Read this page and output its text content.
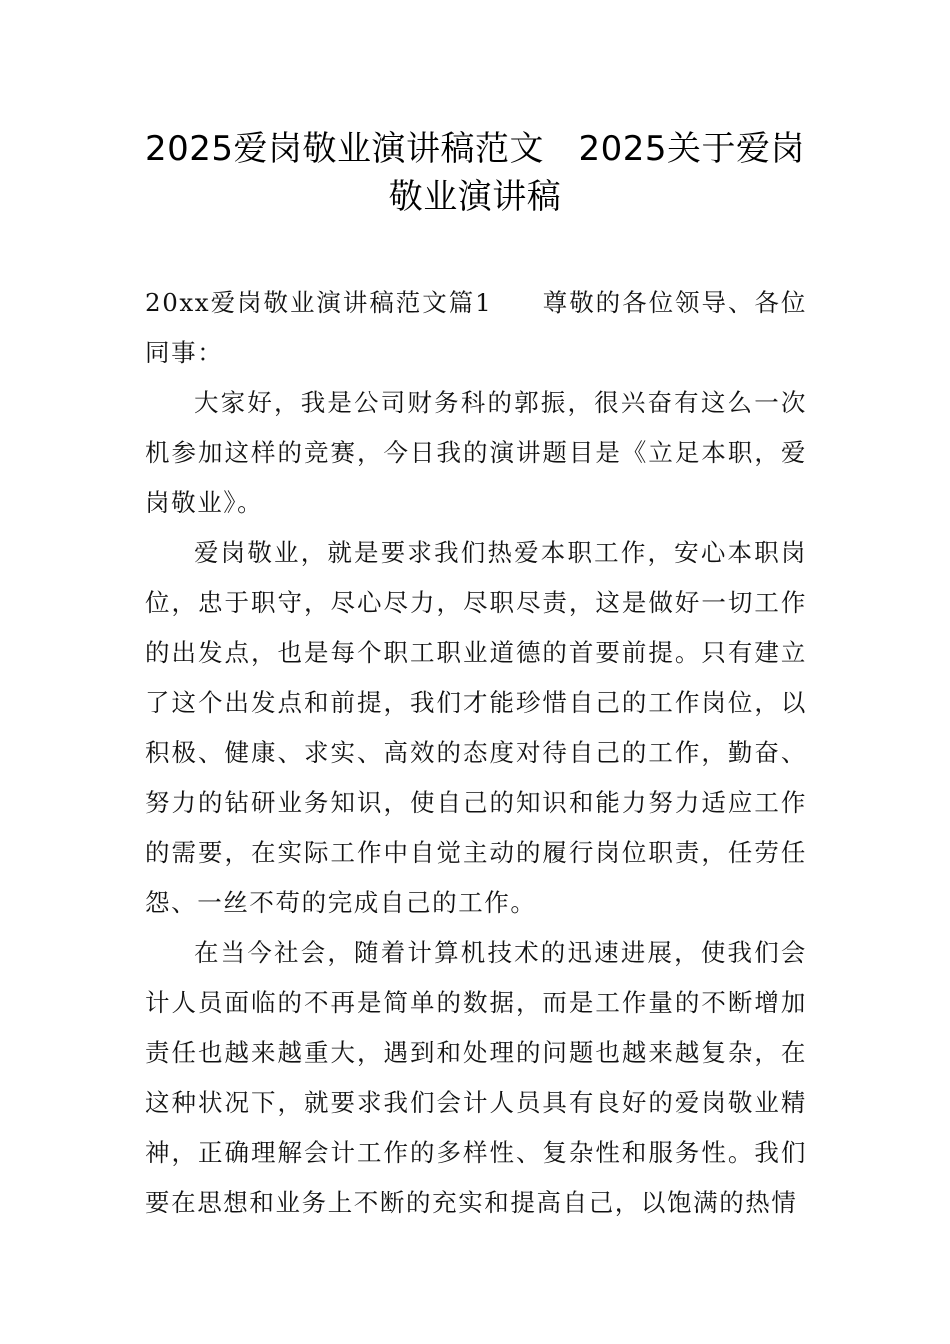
2025爱岗敬业演讲稿范文　2025关于爱岗
敬业演讲稿

20xx爱岗敬业演讲稿范文篇1 尊敬的各位领导、各位同事：

大家好，我是公司财务科的郭振，很兴奋有这么一次机参加这样的竞赛，今日我的演讲题目是《立足本职，爱岗敬业》。

爱岗敬业，就是要求我们热爱本职工作，安心本职岗位，忠于职守，尽心尽力，尽职尽责，这是做好一切工作的出发点，也是每个职工职业道德的首要前提。只有建立了这个出发点和前提，我们才能珍惜自己的工作岗位，以积极、健康、求实、高效的态度对待自己的工作，勤奋、努力的钻研业务知识，使自己的知识和能力努力适应工作的需要，在实际工作中自觉主动的履行岗位职责，任劳任怨、一丝不苟的完成自己的工作。

在当今社会，随着计算机技术的迅速进展，使我们会计人员面临的不再是简单的数据，而是工作量的不断增加责任也越来越重大，遇到和处理的问题也越来越复杂，在这种状况下，就要求我们会计人员具有良好的爱岗敬业精神，正确理解会计工作的多样性、复杂性和服务性。我们要在思想和业务上不断的充实和提高自己，以饱满的热情
